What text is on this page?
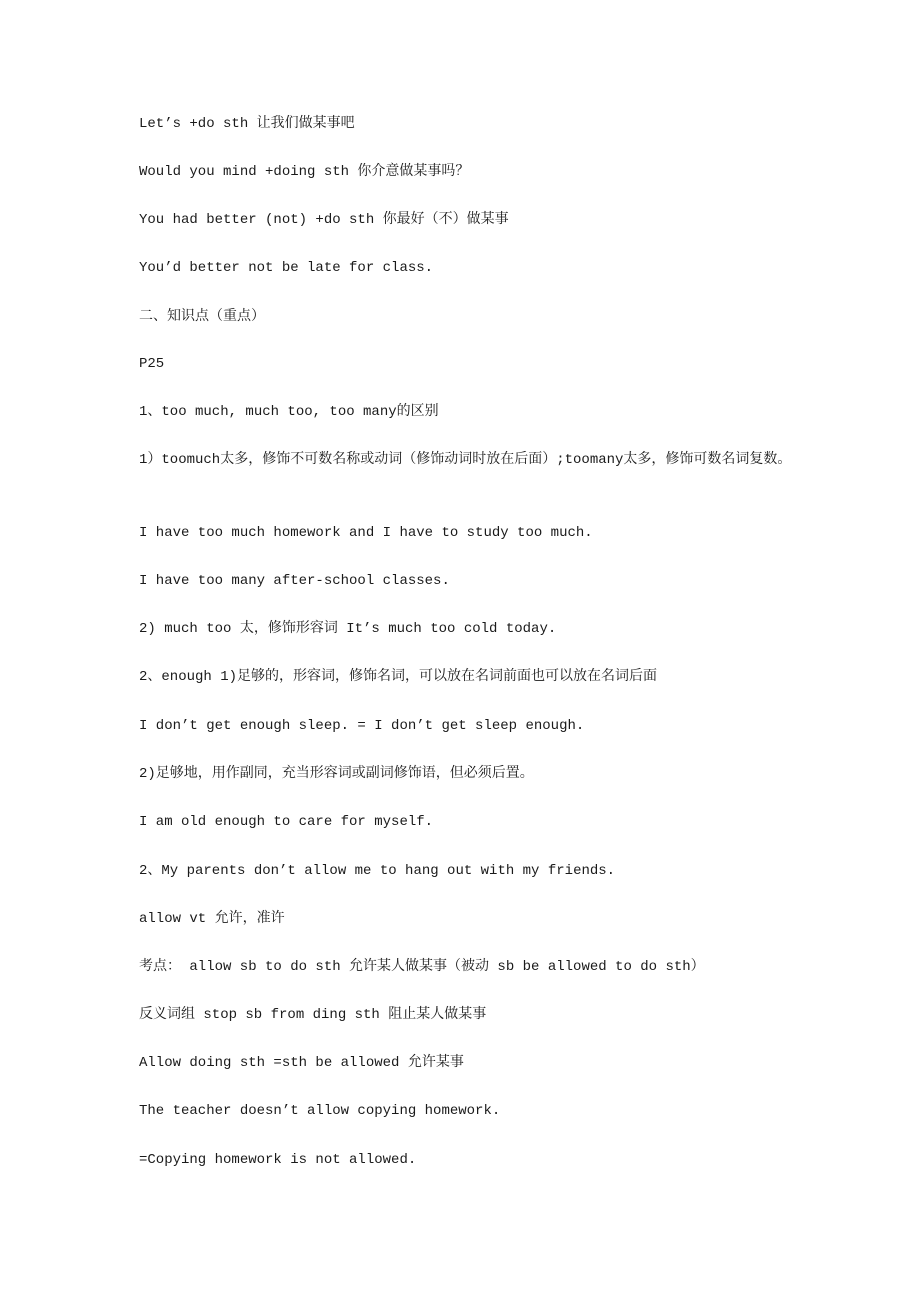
Let’s +do sth 让我们做某事吧

Would you mind +doing sth 你介意做某事吗？

You had better (not) +do sth 你最好（不）做某事

You’d better not be late for class.

二、知识点（重点）

P25

1、too much, much too, too many的区别

1）toomuch太多，修饰不可数名称或动词（修饰动词时放在后面）;toomany太多，修饰可数名词复数。

I have too much homework and I have to study too much.

I have too many after-school classes.

2) much too 太，修饰形容词 It’s much too cold today.

2、enough 1)足够的，形容词，修饰名词，可以放在名词前面也可以放在名词后面

I don’t get enough sleep. = I don’t get sleep enough.

2)足够地，用作副同，充当形容词或副词修饰语，但必须后置。

I am old enough to care for myself.

2、My parents don’t allow me to hang out with my friends.

allow vt 允许，准许

考点： allow sb to do sth 允许某人做某事（被动 sb be allowed to do sth）

反义词组 stop sb from ding sth 阻止某人做某事

Allow doing sth =sth be allowed 允许某事

The teacher doesn’t allow copying homework.

=Copying homework is not allowed.
